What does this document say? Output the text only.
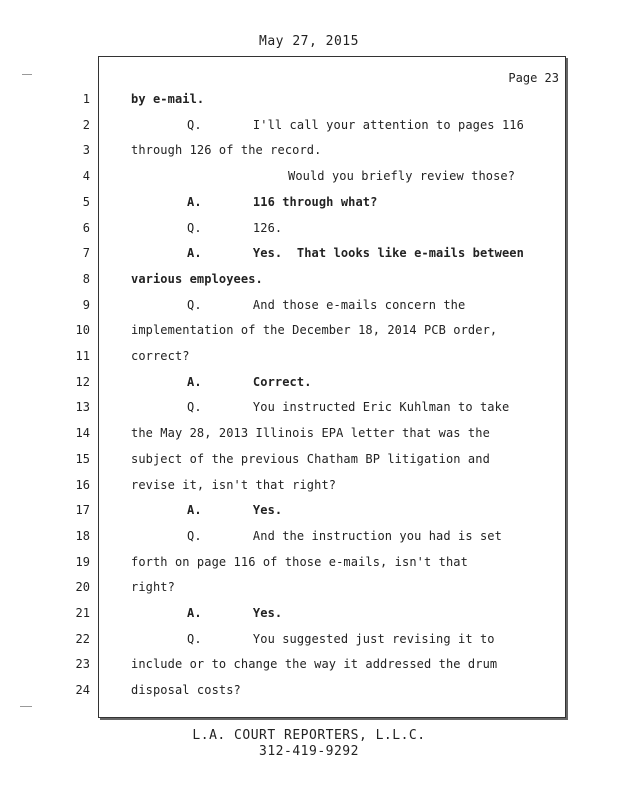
May 27, 2015
Page 23
1	by e-mail.
2	Q.       I'll call your attention to pages 116
3	through 126 of the record.
4	Would you briefly review those?
5	A.       116 through what?
6	Q.       126.
7	A.       Yes.  That looks like e-mails between
8	various employees.
9	Q.       And those e-mails concern the
10	implementation of the December 18, 2014 PCB order,
11	correct?
12	A.       Correct.
13	Q.       You instructed Eric Kuhlman to take
14	the May 28, 2013 Illinois EPA letter that was the
15	subject of the previous Chatham BP litigation and
16	revise it, isn't that right?
17	A.       Yes.
18	Q.       And the instruction you had is set
19	forth on page 116 of those e-mails, isn't that
20	right?
21	A.       Yes.
22	Q.       You suggested just revising it to
23	include or to change the way it addressed the drum
24	disposal costs?
L.A. COURT REPORTERS, L.L.C.
312-419-9292
